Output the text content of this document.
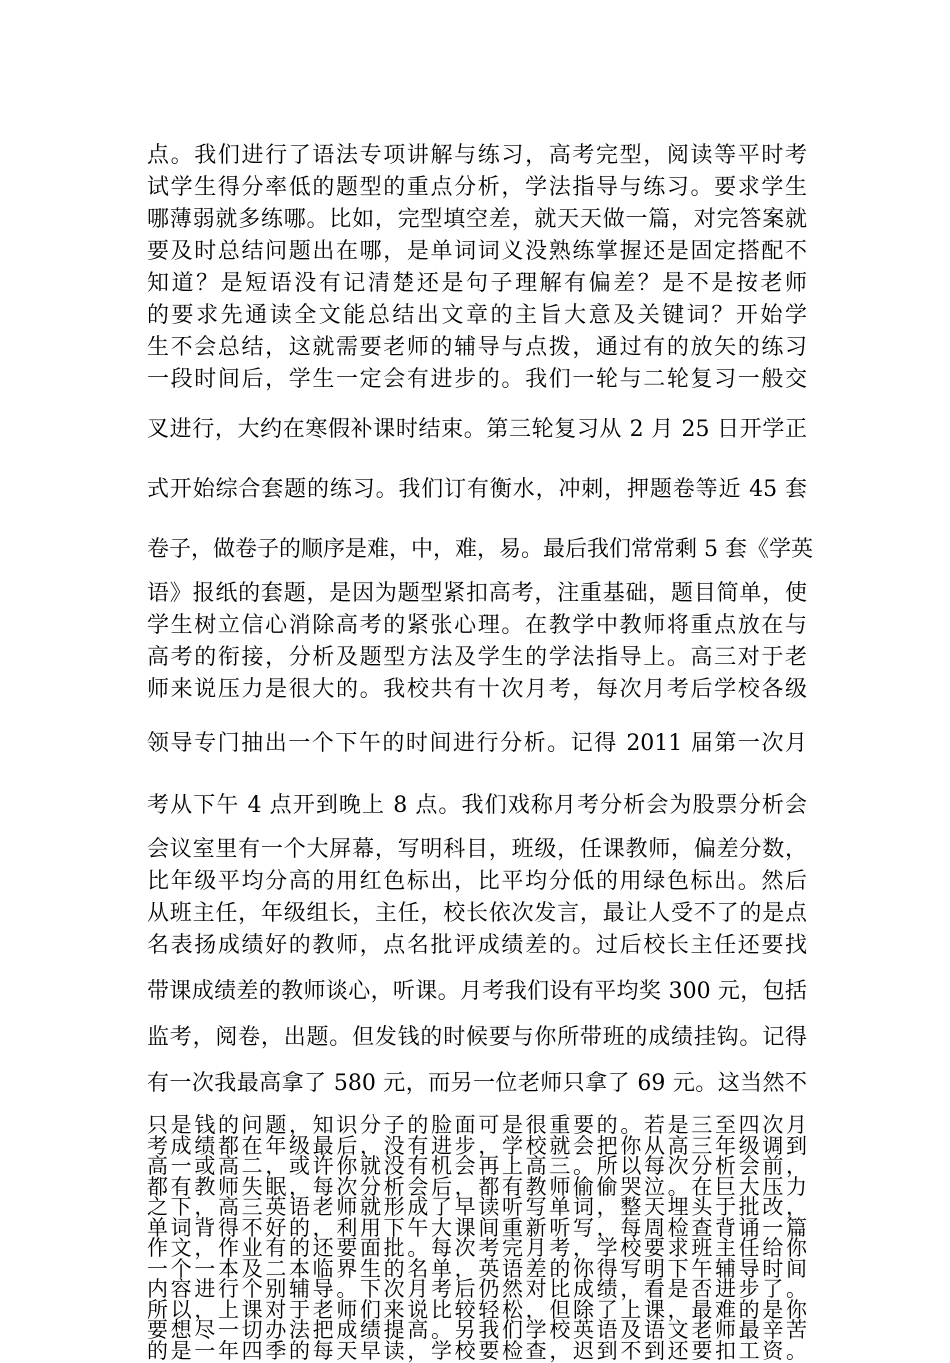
点。我们进行了语法专项讲解与练习，高考完型，阅读等平时考
试学生得分率低的题型的重点分析，学法指导与练习。要求学生
哪薄弱就多练哪。比如，完型填空差，就天天做一篇，对完答案就
要及时总结问题出在哪，是单词词义没熟练掌握还是固定搭配不
知道？是短语没有记清楚还是句子理解有偏差？是不是按老师
的要求先通读全文能总结出文章的主旨大意及关键词？开始学
生不会总结，这就需要老师的辅导与点拨，通过有的放矢的练习
一段时间后，学生一定会有进步的。我们一轮与二轮复习一般交
叉进行，大约在寒假补课时结束。第三轮复习从 2 月 25 日开学正
式开始综合套题的练习。我们订有衡水，冲刺，押题卷等近 45 套
卷子，做卷子的顺序是难，中，难，易。最后我们常常剩 5 套《学英
语》报纸的套题，是因为题型紧扣高考，注重基础，题目简单，使
学生树立信心消除高考的紧张心理。在教学中教师将重点放在与
高考的衔接，分析及题型方法及学生的学法指导上。高三对于老
师来说压力是很大的。我校共有十次月考，每次月考后学校各级
领导专门抽出一个下午的时间进行分析。记得 2011 届第一次月
考从下午 4 点开到晚上 8 点。我们戏称月考分析会为股票分析会
会议室里有一个大屏幕，写明科目，班级，任课教师，偏差分数，
比年级平均分高的用红色标出，比平均分低的用绿色标出。然后
从班主任，年级组长，主任，校长依次发言，最让人受不了的是点
名表扬成绩好的教师，点名批评成绩差的。过后校长主任还要找
带课成绩差的教师谈心，听课。月考我们设有平均奖 300 元，包括
监考，阅卷，出题。但发钱的时候要与你所带班的成绩挂钩。记得
有一次我最高拿了 580 元，而另一位老师只拿了 69 元。这当然不
只是钱的问题，知识分子的脸面可是很重要的。若是三至四次月
考成绩都在年级最后，没有进步，学校就会把你从高三年级调到
高一或高二，或许你就没有机会再上高三。所以每次分析会前，
都有教师失眠，每次分析会后，都有教师偷偷哭泣。在巨大压力
之下，高三英语老师就形成了早读听写单词，整天埋头于批改，
单词背得不好的，利用下午大课间重新听写，每周检查背诵一篇
作文，作业有的还要面批。每次考完月考，学校要求班主任给你
一个一本及二本临界生的名单，英语差的你得写明下午辅导时间
内容进行个别辅导。下次月考后仍然对比成绩，看是否进步了。
所以，上课对于老师们来说比较轻松，但除了上课，最难的是你
要想尽一切办法把成绩提高。另我们学校英语及语文老师最辛苦
的是一年四季的每天早读，学校要检查，迟到不到还要扣工资。
